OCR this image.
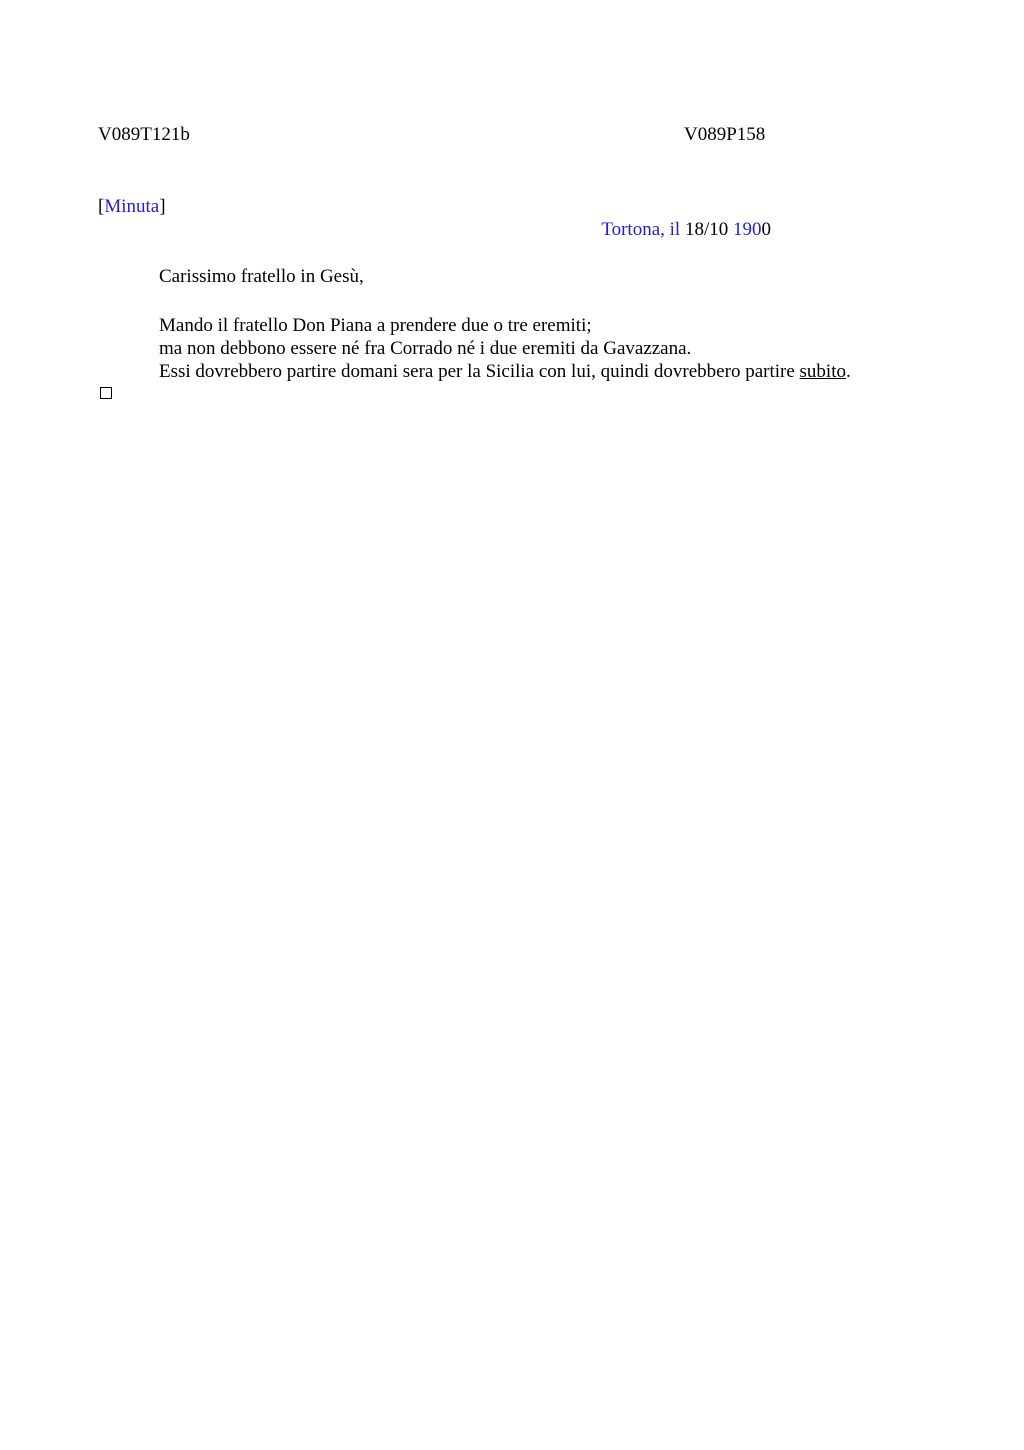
V089T121b	V089P158
[Minuta]
Tortona, il 18/10 1900
Carissimo fratello in Gesù,
Mando il fratello Don Piana a prendere due o tre eremiti;
ma non debbono essere né fra Corrado né i due eremiti da Gavazzana.
Essi dovrebbero partire domani sera per la Sicilia con lui, quindi dovrebbero partire subito.
